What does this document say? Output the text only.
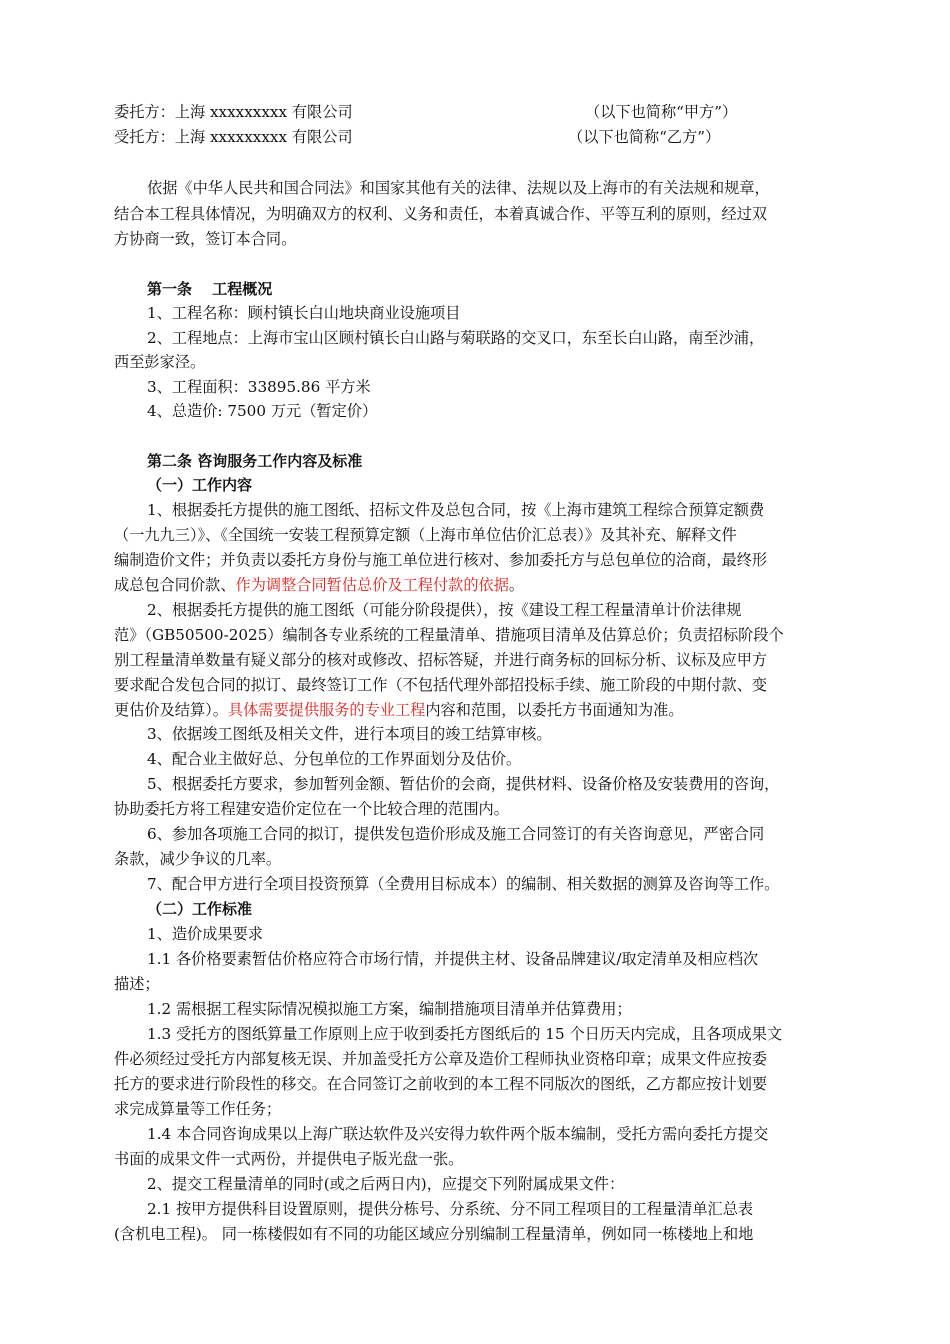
委托方：上海 xxxxxxxxx 有限公司	（以下也简称“甲方”）
受托方：上海 xxxxxxxxx 有限公司	（以下也简称“乙方”）
依据《中华人民共和国合同法》和国家其他有关的法律、法规以及上海市的有关法规和规章，
结合本工程具体情况，为明确双方的权利、义务和责任，本着真诚合作、平等互利的原则，经过双
方协商一致，签订本合同。
第一条　 工程概况
1、工程名称：顾村镇长白山地块商业设施项目
2、工程地点：上海市宝山区顾村镇长白山路与菊联路的交叉口，东至长白山路，南至沙浦，
西至彭家泾。
3、工程面积：33895.86 平方米
4、总造价: 7500 万元（暂定价）
第二条 咨询服务工作内容及标准
（一）工作内容
1、根据委托方提供的施工图纸、招标文件及总包合同，按《上海市建筑工程综合预算定额费
（一九九三）》、《全国统一安装工程预算定额（上海市单位估价汇总表）》及其补充、解释文件
编制造价文件；并负责以委托方身份与施工单位进行核对、参加委托方与总包单位的洽商，最终形
成总包合同价款、作为调整合同暂估总价及工程付款的依据。
2、根据委托方提供的施工图纸（可能分阶段提供），按《建设工程工程量清单计价法律规
范》（GB50500-2025）编制各专业系统的工程量清单、措施项目清单及估算总价；负责招标阶段个
别工程量清单数量有疑义部分的核对或修改、招标答疑，并进行商务标的回标分析、议标及应甲方
要求配合发包合同的拟订、最终签订工作（不包括代理外部招投标手续、施工阶段的中期付款、变
更估价及结算）。具体需要提供服务的专业工程内容和范围，以委托方书面通知为准。
3、依据竣工图纸及相关文件，进行本项目的竣工结算审核。
4、配合业主做好总、分包单位的工作界面划分及估价。
5、根据委托方要求，参加暂列金额、暂估价的会商，提供材料、设备价格及安装费用的咨询，
协助委托方将工程建安造价定位在一个比较合理的范围内。
6、参加各项施工合同的拟订，提供发包造价形成及施工合同签订的有关咨询意见，严密合同
条款，减少争议的几率。
7、配合甲方进行全项目投资预算（全费用目标成本）的编制、相关数据的测算及咨询等工作。
（二）工作标准
1、造价成果要求
1.1 各价格要素暂估价格应符合市场行情，并提供主材、设备品牌建议/取定清单及相应档次
描述；
1.2 需根据工程实际情况模拟施工方案，编制措施项目清单并估算费用；
1.3 受托方的图纸算量工作原则上应于收到委托方图纸后的 15 个日历天内完成，且各项成果文
件必须经过受托方内部复核无误、并加盖受托方公章及造价工程师执业资格印章；成果文件应按委
托方的要求进行阶段性的移交。在合同签订之前收到的本工程不同版次的图纸，乙方都应按计划要
求完成算量等工作任务；
1.4 本合同咨询成果以上海广联达软件及兴安得力软件两个版本编制，受托方需向委托方提交
书面的成果文件一式两份，并提供电子版光盘一张。
2、提交工程量清单的同时(或之后两日内)，应提交下列附属成果文件：
2.1 按甲方提供科目设置原则，提供分栋号、分系统、分不同工程项目的工程量清单汇总表
(含机电工程)。 同一栋楼假如有不同的功能区域应分别编制工程量清单，例如同一栋楼地上和地
